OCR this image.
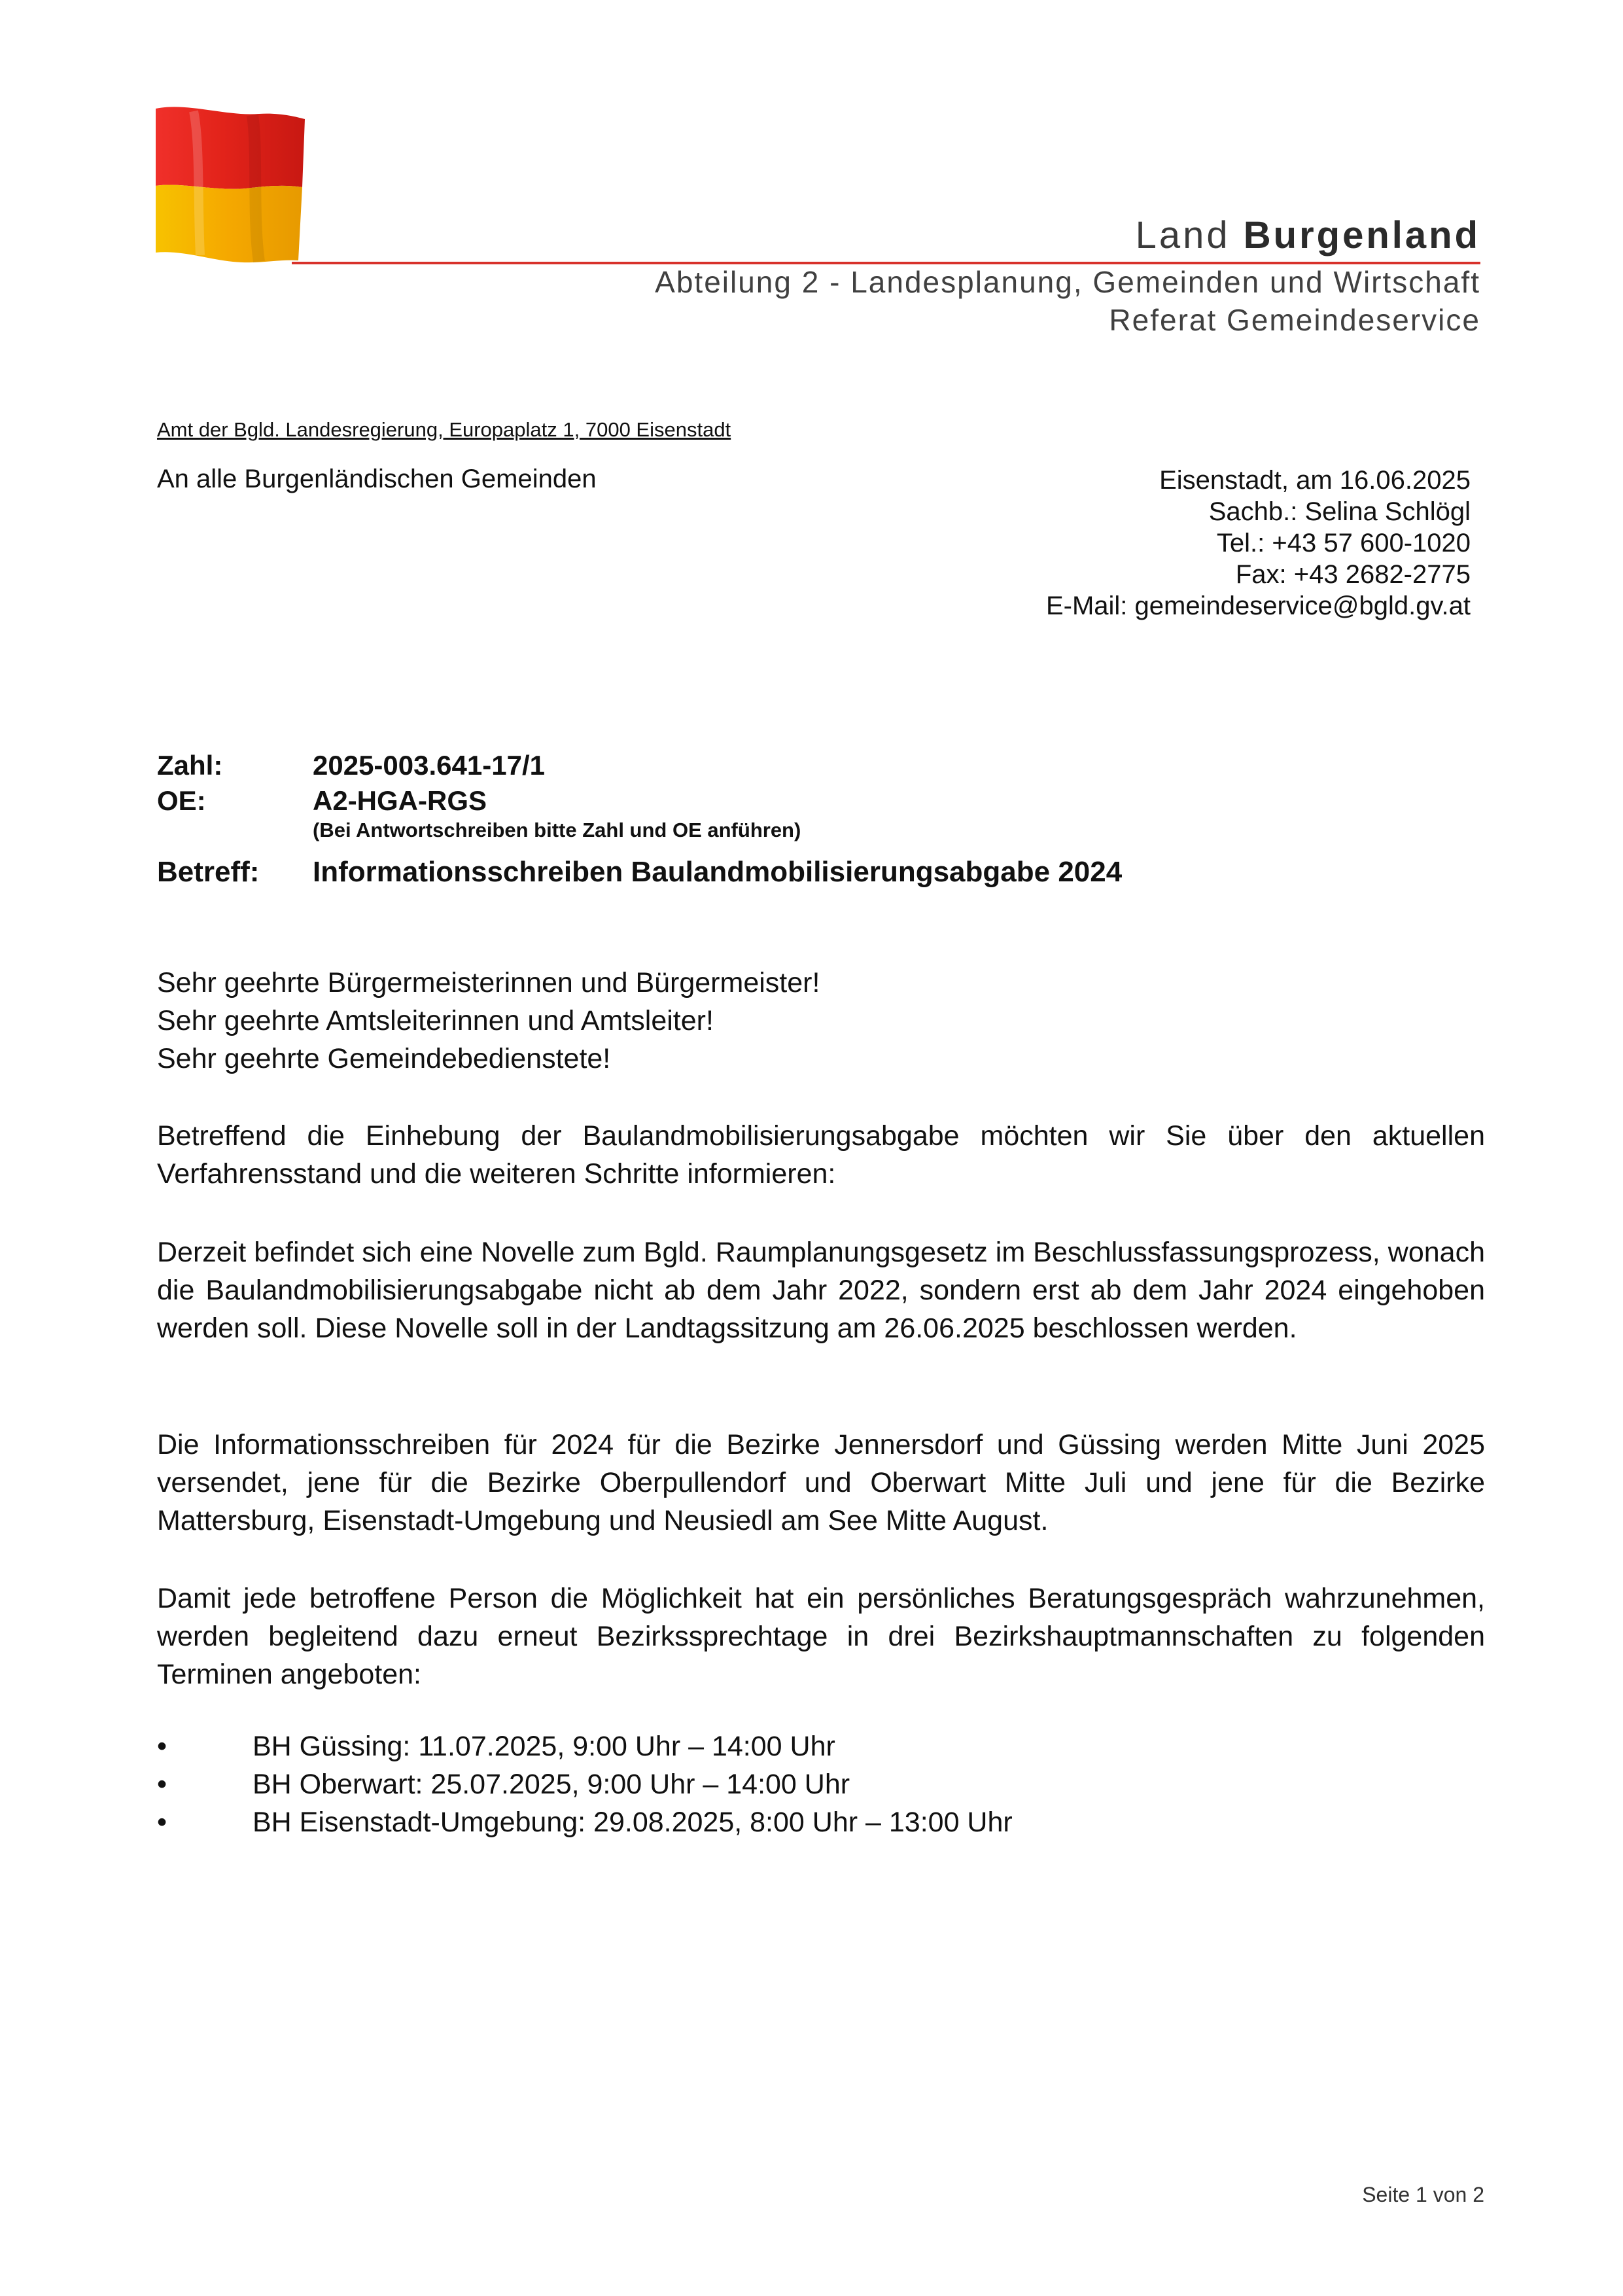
Land Burgenland
Abteilung 2 - Landesplanung, Gemeinden und Wirtschaft
Referat Gemeindeservice
Amt der Bgld. Landesregierung, Europaplatz 1, 7000 Eisenstadt
An alle Burgenländischen Gemeinden	Eisenstadt, am 16.06.2025
Sachb.: Selina Schlögl
Tel.: +43 57 600-1020
Fax: +43 2682-2775
E-Mail: gemeindeservice@bgld.gv.at
Zahl:	2025-003.641-17/1
OE:	A2-HGA-RGS
(Bei Antwortschreiben bitte Zahl und OE anführen)
Betreff: Informationsschreiben Baulandmobilisierungsabgabe 2024
Sehr geehrte Bürgermeisterinnen und Bürgermeister!
Sehr geehrte Amtsleiterinnen und Amtsleiter!
Sehr geehrte Gemeindebedienstete!

Betreffend die Einhebung der Baulandmobilisierungsabgabe möchten wir Sie über den aktuellen Verfahrensstand und die weiteren Schritte informieren:

Derzeit befindet sich eine Novelle zum Bgld. Raumplanungsgesetz im Beschlussfassungsprozess, wonach die Baulandmobilisierungsabgabe nicht ab dem Jahr 2022, sondern erst ab dem Jahr 2024 eingehoben werden soll. Diese Novelle soll in der Landtagssitzung am 26.06.2025 beschlossen werden.

Die Informationsschreiben für 2024 für die Bezirke Jennersdorf und Güssing werden Mitte Juni 2025 versendet, jene für die Bezirke Oberpullendorf und Oberwart Mitte Juli und jene für die Bezirke Mattersburg, Eisenstadt-Umgebung und Neusiedl am See Mitte August.

Damit jede betroffene Person die Möglichkeit hat ein persönliches Beratungsgespräch wahrzunehmen, werden begleitend dazu erneut Bezirkssprechtage in drei Bezirkshauptmannschaften zu folgenden Terminen angeboten:

•	BH Güssing: 11.07.2025, 9:00 Uhr – 14:00 Uhr
•	BH Oberwart: 25.07.2025, 9:00 Uhr – 14:00 Uhr
•	BH Eisenstadt-Umgebung: 29.08.2025, 8:00 Uhr – 13:00 Uhr
Seite 1 von 2
